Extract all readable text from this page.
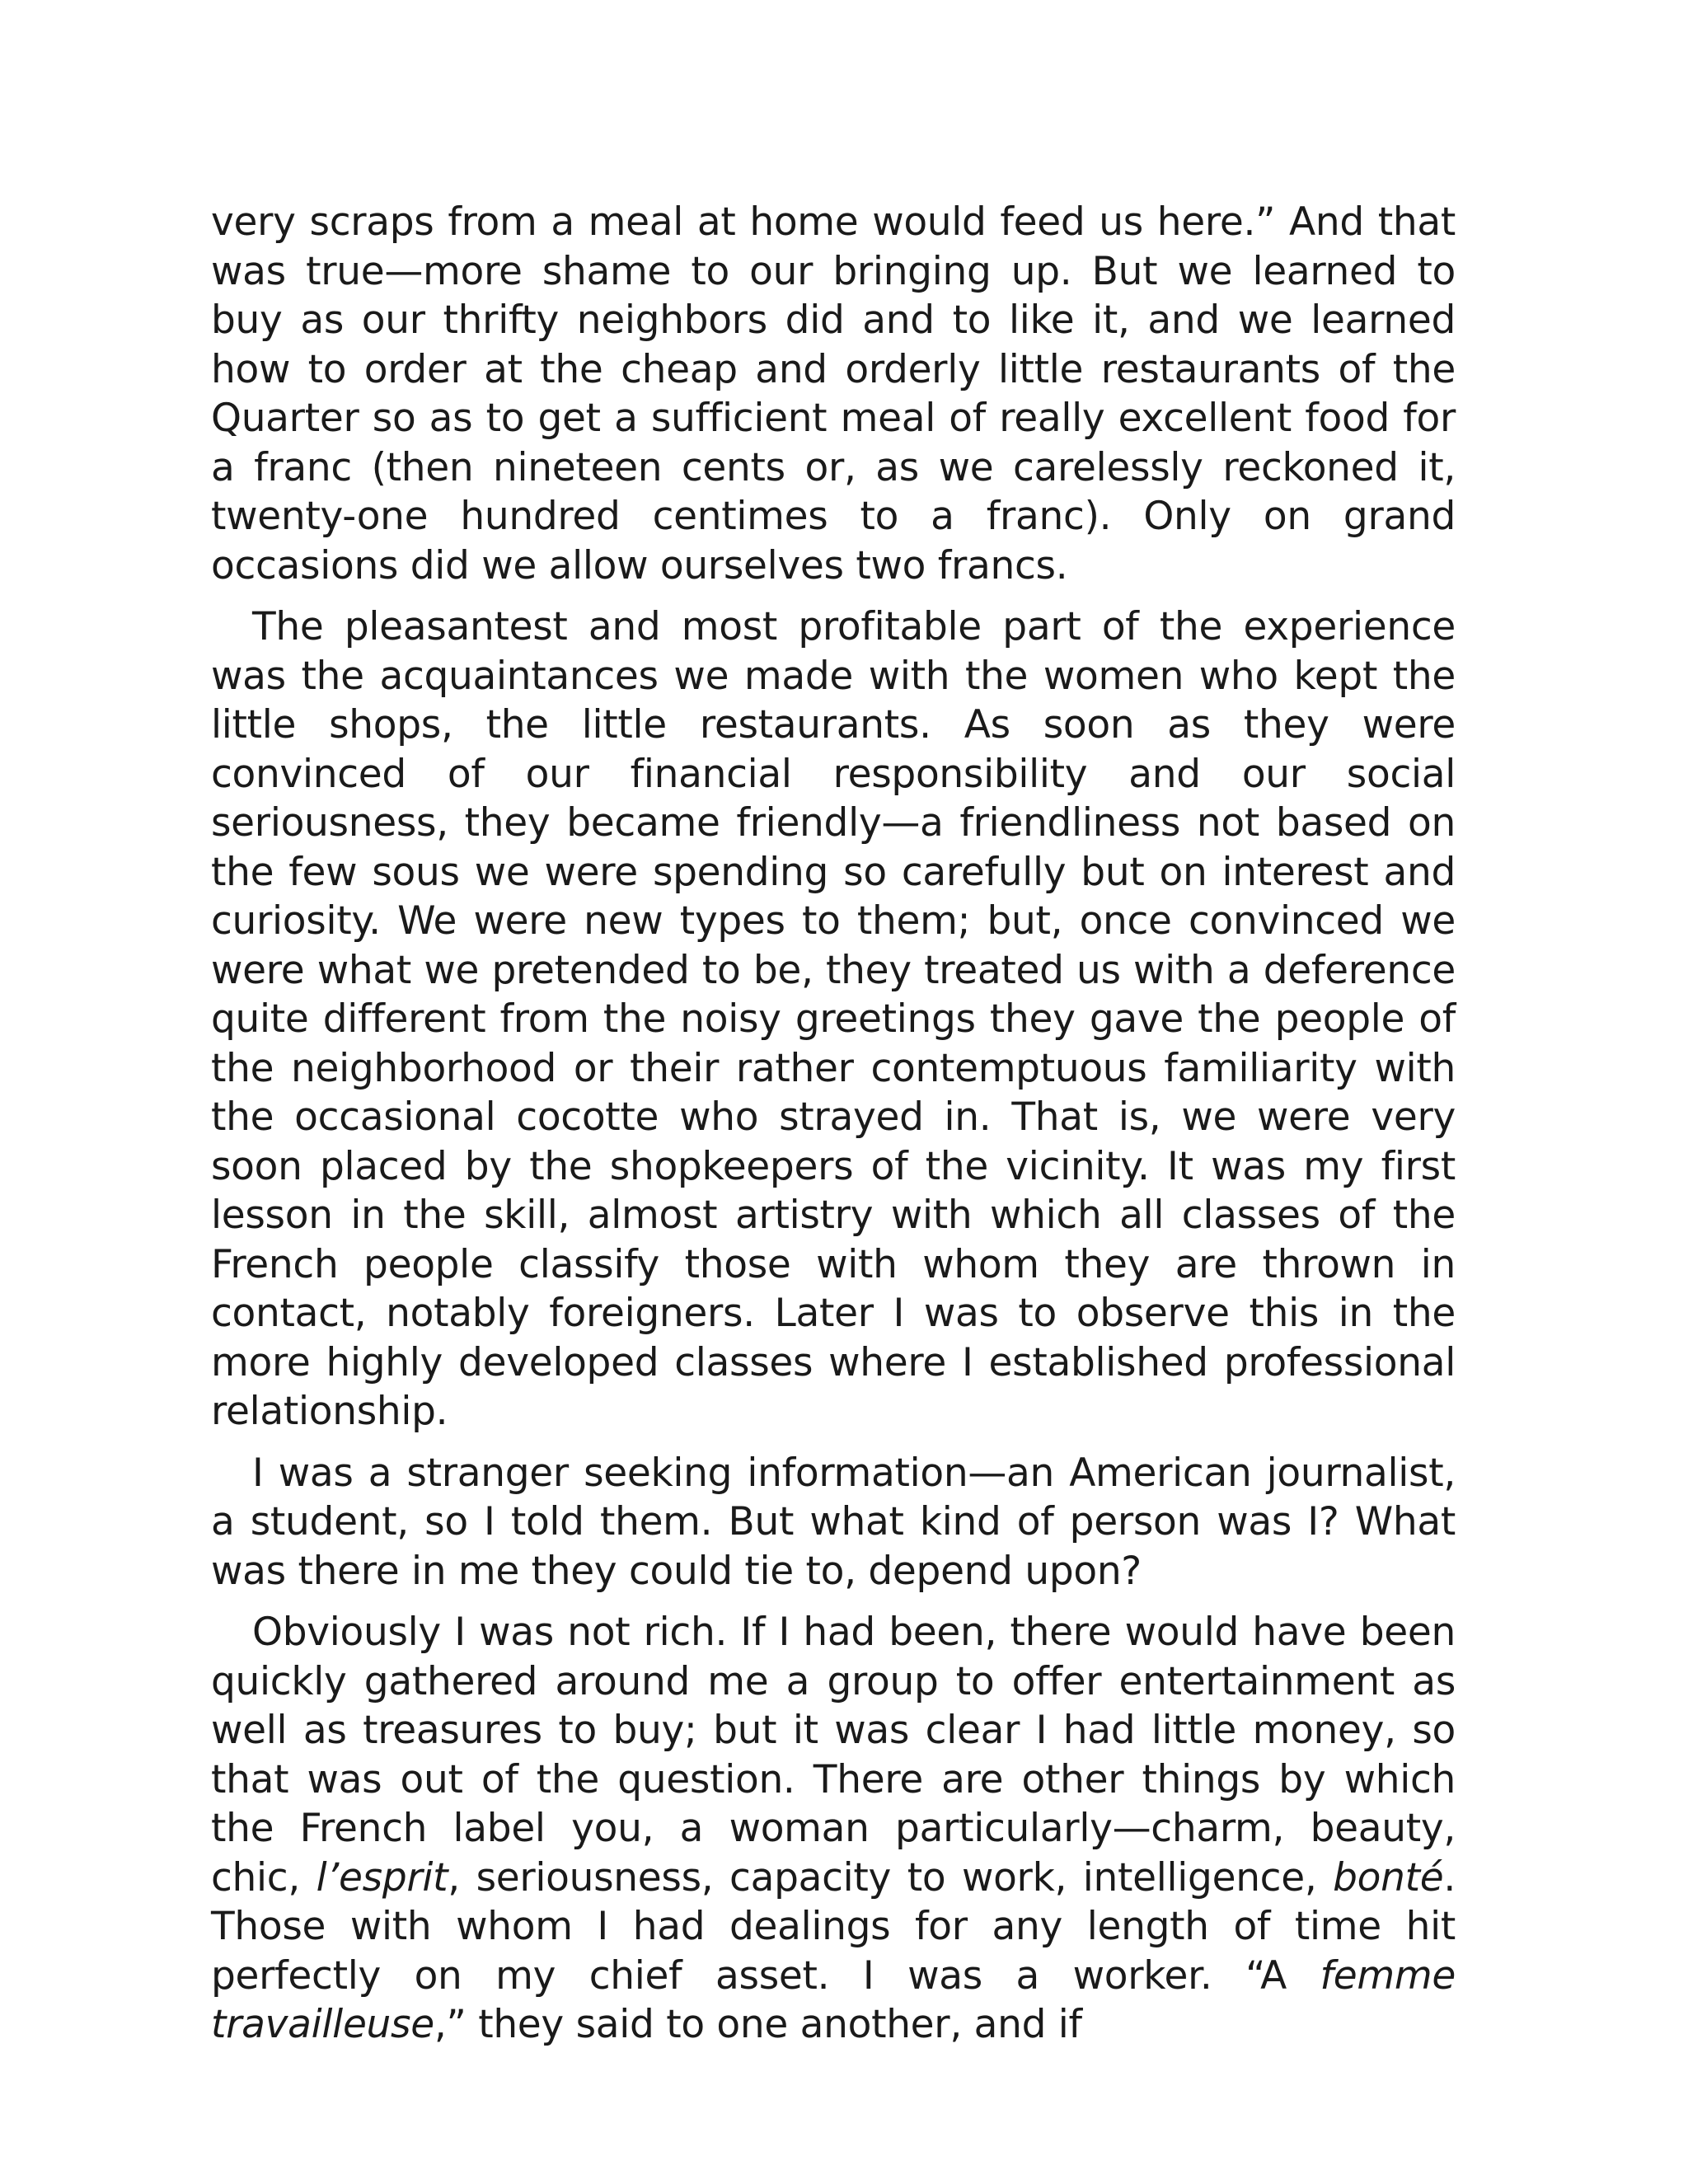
very scraps from a meal at home would feed us here.” And that was true—more shame to our bringing up. But we learned to buy as our thrifty neighbors did and to like it, and we learned how to order at the cheap and orderly little restaurants of the Quarter so as to get a sufficient meal of really excellent food for a franc (then nineteen cents or, as we carelessly reckoned it, twenty-one hundred centimes to a franc). Only on grand occasions did we allow ourselves two francs.

The pleasantest and most profitable part of the experience was the acquaintances we made with the women who kept the little shops, the little restaurants. As soon as they were convinced of our financial responsibility and our social seriousness, they became friendly—a friendliness not based on the few sous we were spending so carefully but on interest and curiosity. We were new types to them; but, once convinced we were what we pretended to be, they treated us with a deference quite different from the noisy greetings they gave the people of the neighborhood or their rather contemptuous familiarity with the occasional cocotte who strayed in. That is, we were very soon placed by the shopkeepers of the vicinity. It was my first lesson in the skill, almost artistry with which all classes of the French people classify those with whom they are thrown in contact, notably foreigners. Later I was to observe this in the more highly developed classes where I established professional relationship.

I was a stranger seeking information—an American journalist, a student, so I told them. But what kind of person was I? What was there in me they could tie to, depend upon?

Obviously I was not rich. If I had been, there would have been quickly gathered around me a group to offer entertainment as well as treasures to buy; but it was clear I had little money, so that was out of the question. There are other things by which the French label you, a woman particularly—charm, beauty, chic, l’esprit, seriousness, capacity to work, intelligence, bonté. Those with whom I had dealings for any length of time hit perfectly on my chief asset. I was a worker. “A femme travailleuse,” they said to one another, and if
